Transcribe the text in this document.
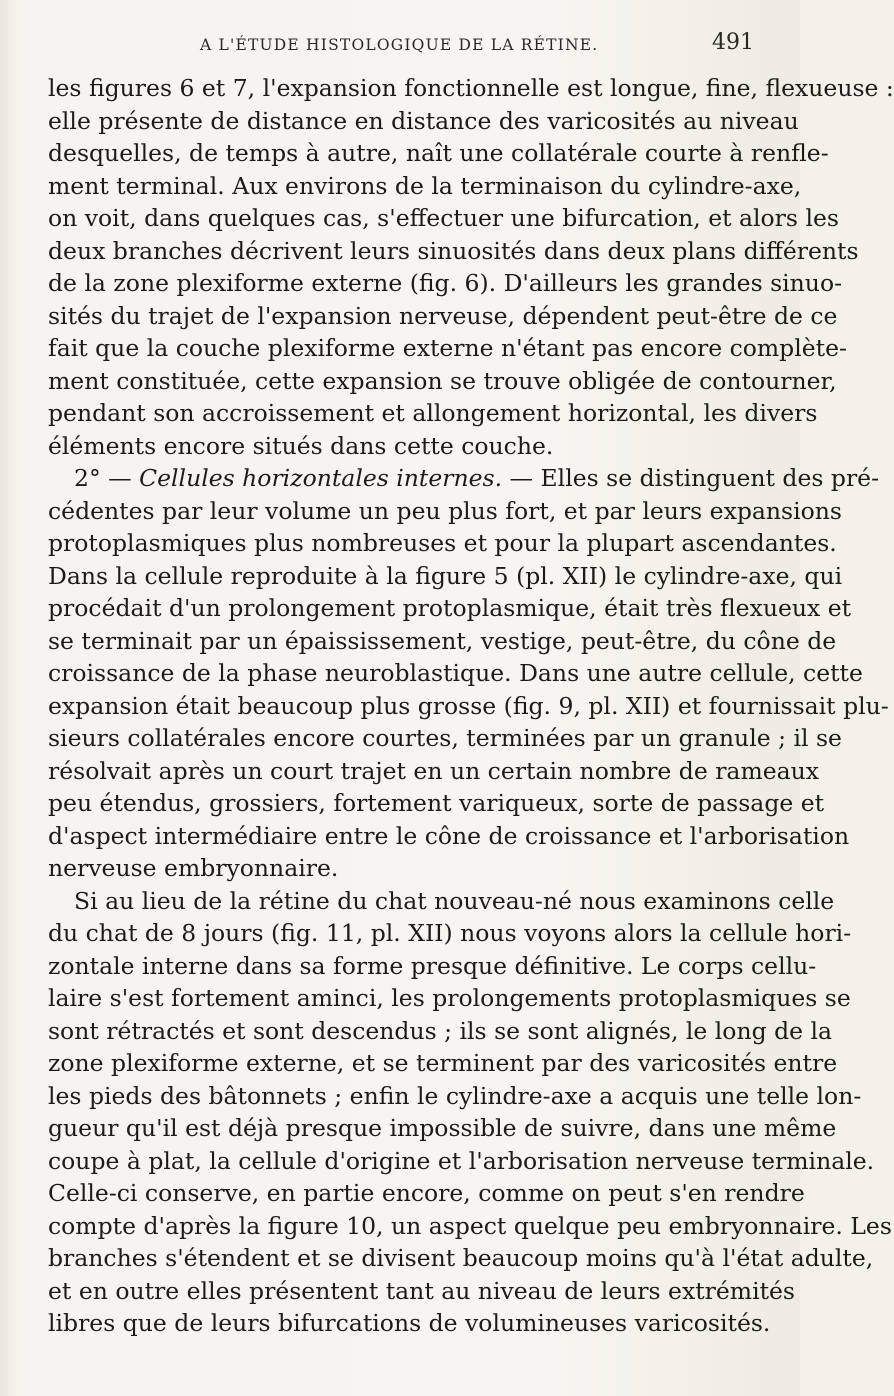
A L'ÉTUDE HISTOLOGIQUE DE LA RÉTINE.	491
les figures 6 et 7, l'expansion fonctionnelle est longue, fine, flexueuse :
elle présente de distance en distance des varicosités au niveau
desquelles, de temps à autre, naît une collatérale courte à renfle-
ment terminal. Aux environs de la terminaison du cylindre-axe,
on voit, dans quelques cas, s'effectuer une bifurcation, et alors les
deux branches décrivent leurs sinuosités dans deux plans différents
de la zone plexiforme externe (fig. 6). D'ailleurs les grandes sinuo-
sités du trajet de l'expansion nerveuse, dépendent peut-être de ce
fait que la couche plexiforme externe n'étant pas encore complète-
ment constituée, cette expansion se trouve obligée de contourner,
pendant son accroissement et allongement horizontal, les divers
éléments encore situés dans cette couche.
2° — Cellules horizontales internes. — Elles se distinguent des pré-
cédentes par leur volume un peu plus fort, et par leurs expansions
protoplasmiques plus nombreuses et pour la plupart ascendantes.
Dans la cellule reproduite à la figure 5 (pl. XII) le cylindre-axe, qui
procédait d'un prolongement protoplasmique, était très flexueux et
se terminait par un épaississement, vestige, peut-être, du cône de
croissance de la phase neuroblastique. Dans une autre cellule, cette
expansion était beaucoup plus grosse (fig. 9, pl. XII) et fournissait plu-
sieurs collatérales encore courtes, terminées par un granule ; il se
résolvait après un court trajet en un certain nombre de rameaux
peu étendus, grossiers, fortement variqueux, sorte de passage et
d'aspect intermédiaire entre le cône de croissance et l'arborisation
nerveuse embryonnaire.
Si au lieu de la rétine du chat nouveau-né nous examinons celle
du chat de 8 jours (fig. 11, pl. XII) nous voyons alors la cellule hori-
zontale interne dans sa forme presque définitive. Le corps cellu-
laire s'est fortement aminci, les prolongements protoplasmiques se
sont rétractés et sont descendus ; ils se sont alignés, le long de la
zone plexiforme externe, et se terminent par des varicosités entre
les pieds des bâtonnets ; enfin le cylindre-axe a acquis une telle lon-
gueur qu'il est déjà presque impossible de suivre, dans une même
coupe à plat, la cellule d'origine et l'arborisation nerveuse terminale.
Celle-ci conserve, en partie encore, comme on peut s'en rendre
compte d'après la figure 10, un aspect quelque peu embryonnaire. Les
branches s'étendent et se divisent beaucoup moins qu'à l'état adulte,
et en outre elles présentent tant au niveau de leurs extrémités
libres que de leurs bifurcations de volumineuses varicosités.
